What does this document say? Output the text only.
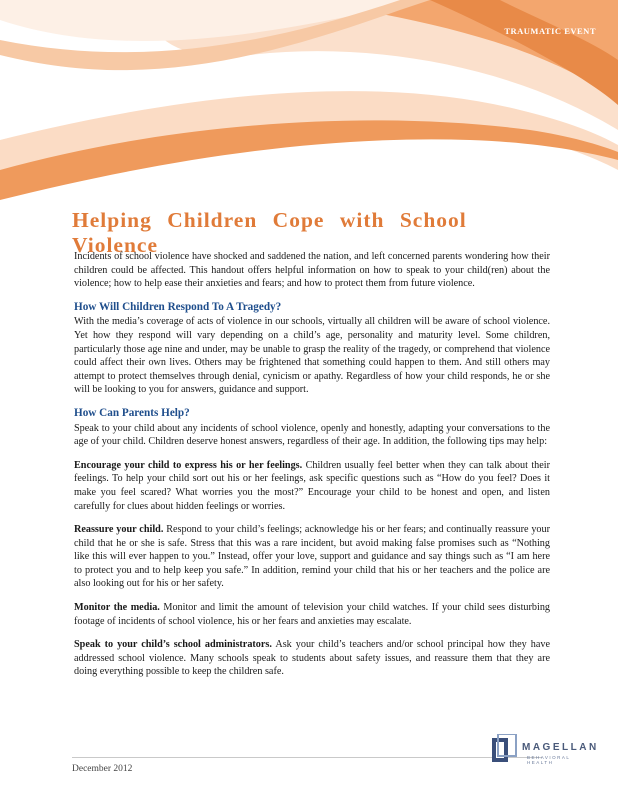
TRAUMATIC EVENT
Helping Children Cope with School Violence

Incidents of school violence have shocked and saddened the nation, and left concerned parents wondering how their children could be affected. This handout offers helpful information on how to speak to your child(ren) about the violence; how to help ease their anxieties and fears; and how to protect them from future violence.

How Will Children Respond To A Tragedy?

With the media’s coverage of acts of violence in our schools, virtually all children will be aware of school violence. Yet how they respond will vary depending on a child’s age, personality and maturity level. Some children, particularly those age nine and under, may be unable to grasp the reality of the tragedy, or comprehend that violence could affect their own lives. Others may be frightened that something could happen to them. And still others may attempt to protect themselves through denial, cynicism or apathy. Regardless of how your child responds, he or she will be looking to you for answers, guidance and support.

How Can Parents Help?

Speak to your child about any incidents of school violence, openly and honestly, adapting your conversations to the age of your child. Children deserve honest answers, regardless of their age. In addition, the following tips may help:

Encourage your child to express his or her feelings. Children usually feel better when they can talk about their feelings. To help your child sort out his or her feelings, ask specific questions such as “How do you feel? Does it make you feel scared? What worries you the most?” Encourage your child to be honest and open, and listen carefully for clues about hidden feelings or worries.

Reassure your child. Respond to your child’s feelings; acknowledge his or her fears; and continually reassure your child that he or she is safe. Stress that this was a rare incident, but avoid making false promises such as “Nothing like this will ever happen to you.” Instead, offer your love, support and guidance and say things such as “I am here to protect you and to help keep you safe.” In addition, remind your child that his or her teachers and the police are also looking out for his or her safety.

Monitor the media. Monitor and limit the amount of television your child watches. If your child sees disturbing footage of incidents of school violence, his or her fears and anxieties may escalate.

Speak to your child’s school administrators. Ask your child’s teachers and/or school principal how they have addressed school violence. Many schools speak to students about safety issues, and reassure them that they are doing everything possible to keep the children safe.

December 2012
MAGELLAN
BEHAVIORAL HEALTH
